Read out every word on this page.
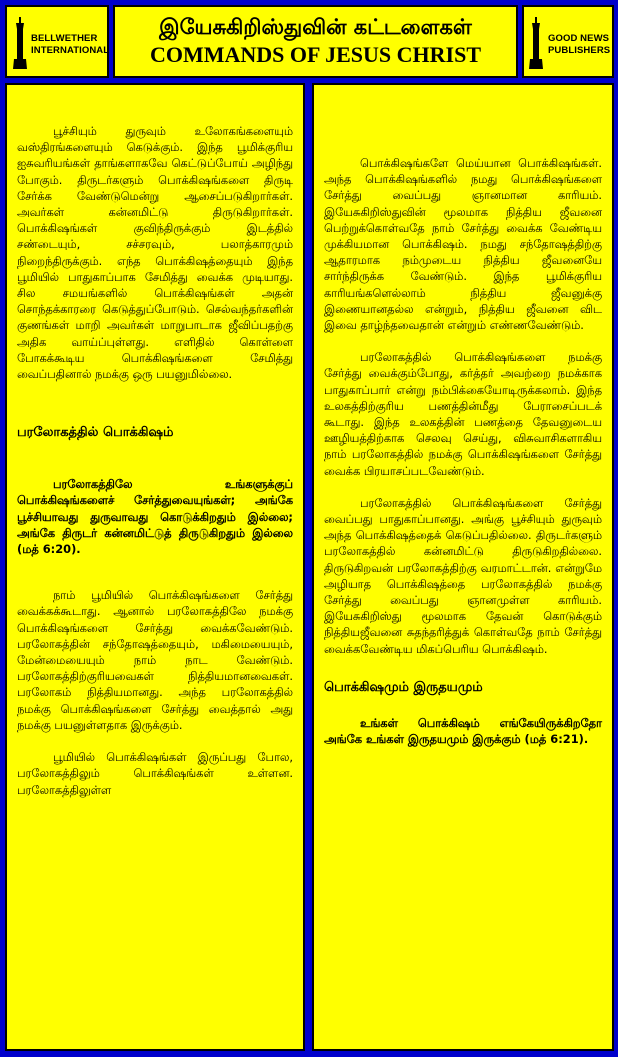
BELLWETHER
INTERNATIONAL
இயேசுகிறிஸ்துவின் கட்டளைகள்
COMMANDS OF JESUS CHRIST
GOOD NEWS
PUBLISHERS

பூச்சியும் துருவும் உலோகங்களையும் வஸ்திரங்களையும் கெடுக்கும். இந்த பூமிக்குரிய ஐசுவரியங்கள் தாங்களாகவே கெட்டுப்போய் அழிந்து போகும். திருடர்களும் பொக்கிஷங்களை திருடி சேர்க்க வேண்டுமென்று ஆசைப்படுகிறார்கள். அவர்கள் கன்னமிட்டு திருடுகிறார்கள். பொக்கிஷங்கள் குவிந்திருக்கும் இடத்தில் சண்டையும், சச்சரவும், பலாத்காரமும் நிறைந்திருக்கும். எந்த பொக்கிஷத்தையும் இந்த பூமியில் பாதுகாப்பாக சேமித்து வைக்க முடியாது. சில சமயங்களில் பொக்கிஷங்கள் அதன் சொந்தக்காரரை கெடுத்துப்போடும். செல்வந்தர்களின் குணங்கள் மாறி அவர்கள் மாறுபாடாக ஜீவிப்பதற்கு அதிக வாய்ப்புள்ளது. எளிதில் கொள்ளை போகக்கூடிய பொக்கிஷங்களை சேமித்து வைப்பதினால் நமக்கு ஒரு பயனுமில்லை.

பரலோகத்தில் பொக்கிஷம்

பரலோகத்திலே உங்களுக்குப் பொக்கிஷங்களைச் சேர்த்துவையுங்கள்; அங்கே பூச்சியாவது துருவாவது கொடுக்கிறதும் இல்லை; அங்கே திருடர் கன்னமிட்டுத் திருடுகிறதும் இல்லை (மத் 6:20).

நாம் பூமியில் பொக்கிஷங்களை சேர்த்து வைக்கக்கூடாது. ஆனால் பரலோகத்திலே நமக்கு பொக்கிஷங்களை சேர்த்து வைக்கவேண்டும். பரலோகத்தின் சந்தோஷத்தையும், மகிமையையும், மேன்மையையும் நாம் நாட வேண்டும். பரலோகத்திற்குரியவைகள் நித்தியமானவைகள். பரலோகம் நித்தியமானது. அந்த பரலோகத்தில் நமக்கு பொக்கிஷங்களை சேர்த்து வைத்தால் அது நமக்கு பயனுள்ளதாக இருக்கும்.

பூமியில் பொக்கிஷங்கள் இருப்பது போல, பரலோகத்திலும் பொக்கிஷங்கள் உள்ளன. பரலோகத்திலுள்ள

பொக்கிஷங்களே மெய்யான பொக்கிஷங்கள். அந்த பொக்கிஷங்களில் நமது பொக்கிஷங்களை சேர்த்து வைப்பது ஞானமான காரியம். இயேசுகிறிஸ்துவின் மூலமாக நித்திய ஜீவனை பெற்றுக்கொள்வதே நாம் சேர்த்து வைக்க வேண்டிய முக்கியமான பொக்கிஷம். நமது சந்தோஷத்திற்கு ஆதாரமாக நம்முடைய நித்திய ஜீவனையே சார்ந்திருக்க வேண்டும். இந்த பூமிக்குரிய காரியங்களெல்லாம் நித்திய ஜீவனுக்கு இணையானதல்ல என்றும், நித்திய ஜீவனை விட இவை தாழ்ந்தவைதான் என்றும் எண்ணவேண்டும்.

பரலோகத்தில் பொக்கிஷங்களை நமக்கு சேர்த்து வைக்கும்போது, கர்த்தர் அவற்றை நமக்காக பாதுகாப்பார் என்று நம்பிக்கையோடிருக்கலாம். இந்த உலகத்திற்குரிய பணத்தின்மீது பேராசைப்படக் கூடாது. இந்த உலகத்தின் பணத்தை தேவனுடைய ஊழியத்திற்காக செலவு செய்து, விசுவாசிகளாகிய நாம் பரலோகத்தில் நமக்கு பொக்கிஷங்களை சேர்த்து வைக்க பிரயாசப்படவேண்டும்.

பரலோகத்தில் பொக்கிஷங்களை சேர்த்து வைப்பது பாதுகாப்பானது. அங்கு பூச்சியும் துருவும் அந்த பொக்கிஷத்தைக் கெடுப்பதில்லை. திருடர்களும் பரலோகத்தில் கன்னமிட்டு திருடுகிறதில்லை. திருடுகிறவன் பரலோகத்திற்கு வரமாட்டான். என்றுமே அழியாத பொக்கிஷத்தை பரலோகத்தில் நமக்கு சேர்த்து வைப்பது ஞானமுள்ள காரியம். இயேசுகிறிஸ்து மூலமாக தேவன் கொடுக்கும் நித்தியஜீவனை சுதந்தரித்துக் கொள்வதே நாம் சேர்த்து வைக்கவேண்டிய மிகப்பெரிய பொக்கிஷம்.

பொக்கிஷமும் இருதயமும்

உங்கள் பொக்கிஷம் எங்கேயிருக்கிறதோ அங்கே உங்கள் இருதயமும் இருக்கும் (மத் 6:21).
